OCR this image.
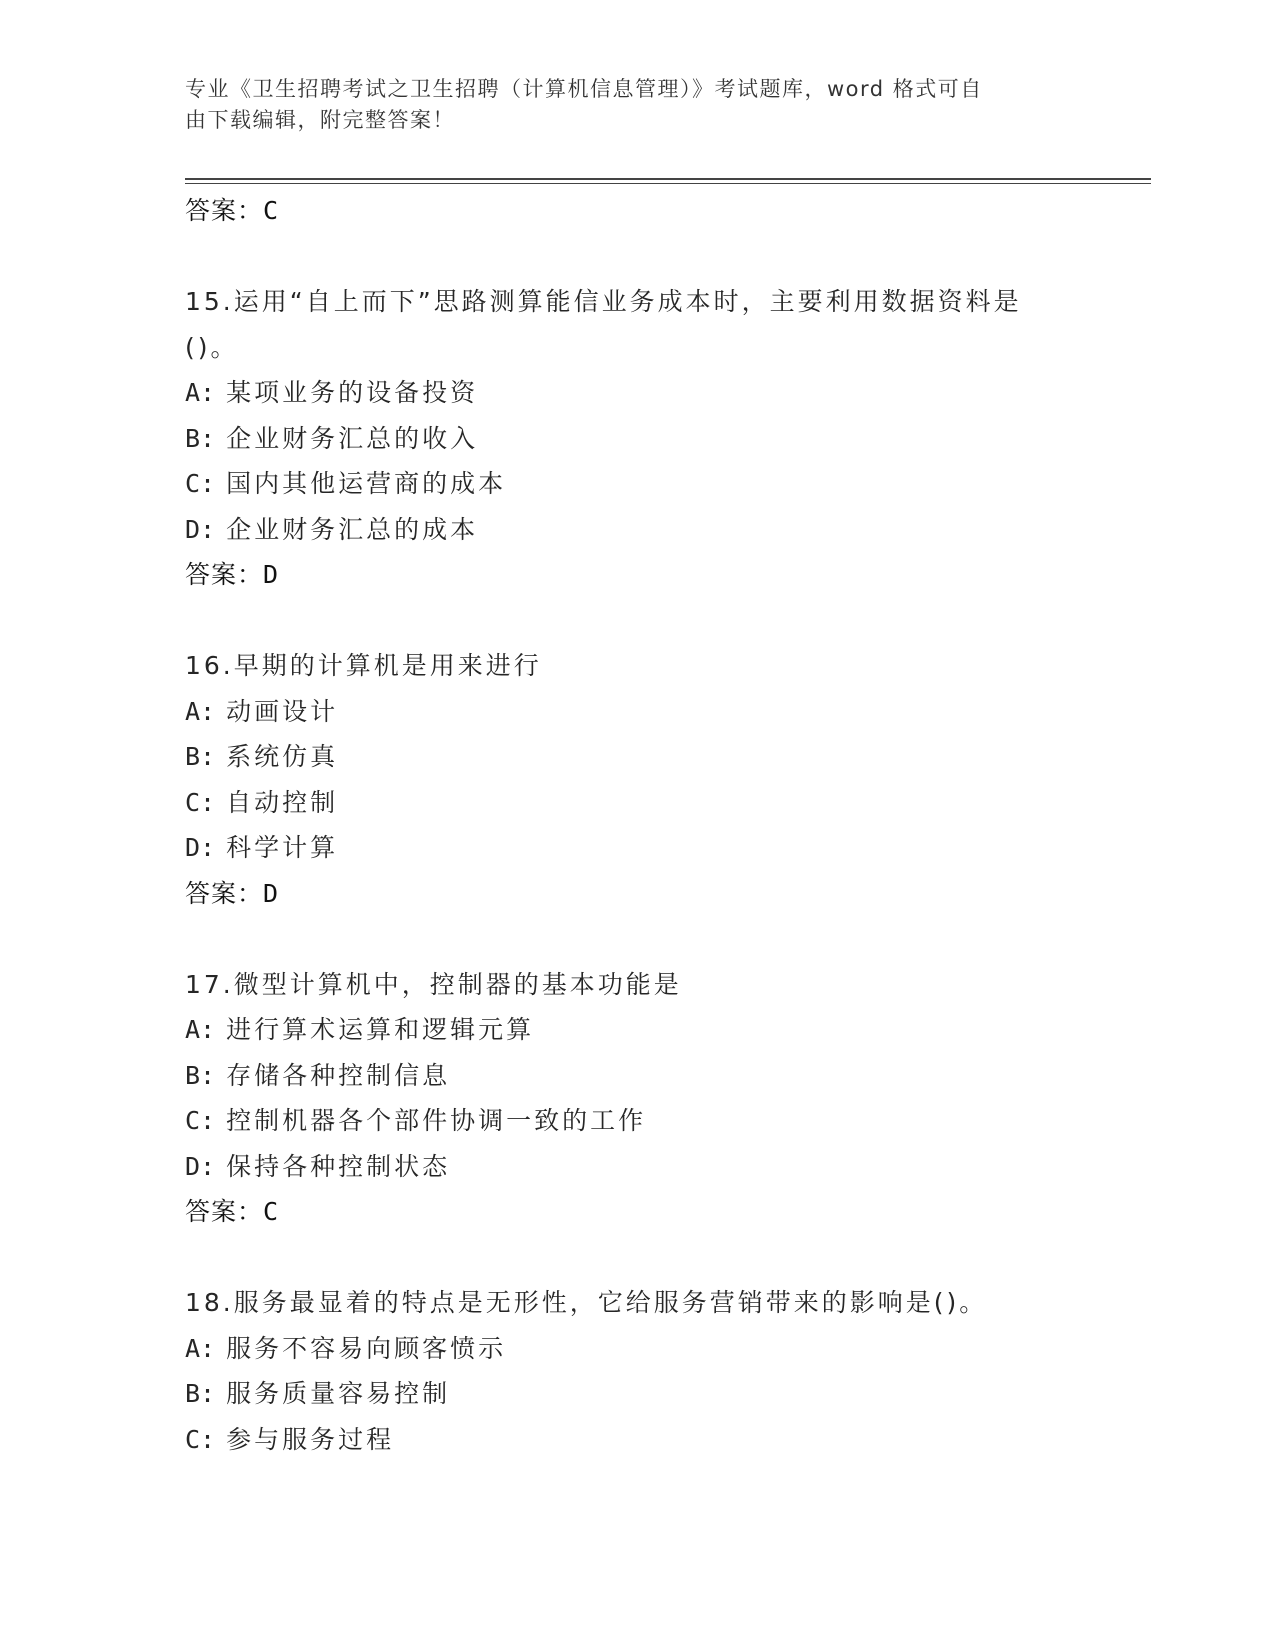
专业《卫生招聘考试之卫生招聘（计算机信息管理）》考试题库，word 格式可自
由下载编辑，附完整答案！
答案：C
15.运用“自上而下”思路测算能信业务成本时，主要利用数据资料是
()。
A: 某项业务的设备投资
B: 企业财务汇总的收入
C: 国内其他运营商的成本
D: 企业财务汇总的成本
答案：D
16.早期的计算机是用来进行
A: 动画设计
B: 系统仿真
C: 自动控制
D: 科学计算
答案：D
17.微型计算机中，控制器的基本功能是
A: 进行算术运算和逻辑元算
B: 存储各种控制信息
C: 控制机器各个部件协调一致的工作
D: 保持各种控制状态
答案：C
18.服务最显着的特点是无形性，它给服务营销带来的影响是()。
A: 服务不容易向顾客愤示
B: 服务质量容易控制
C: 参与服务过程
